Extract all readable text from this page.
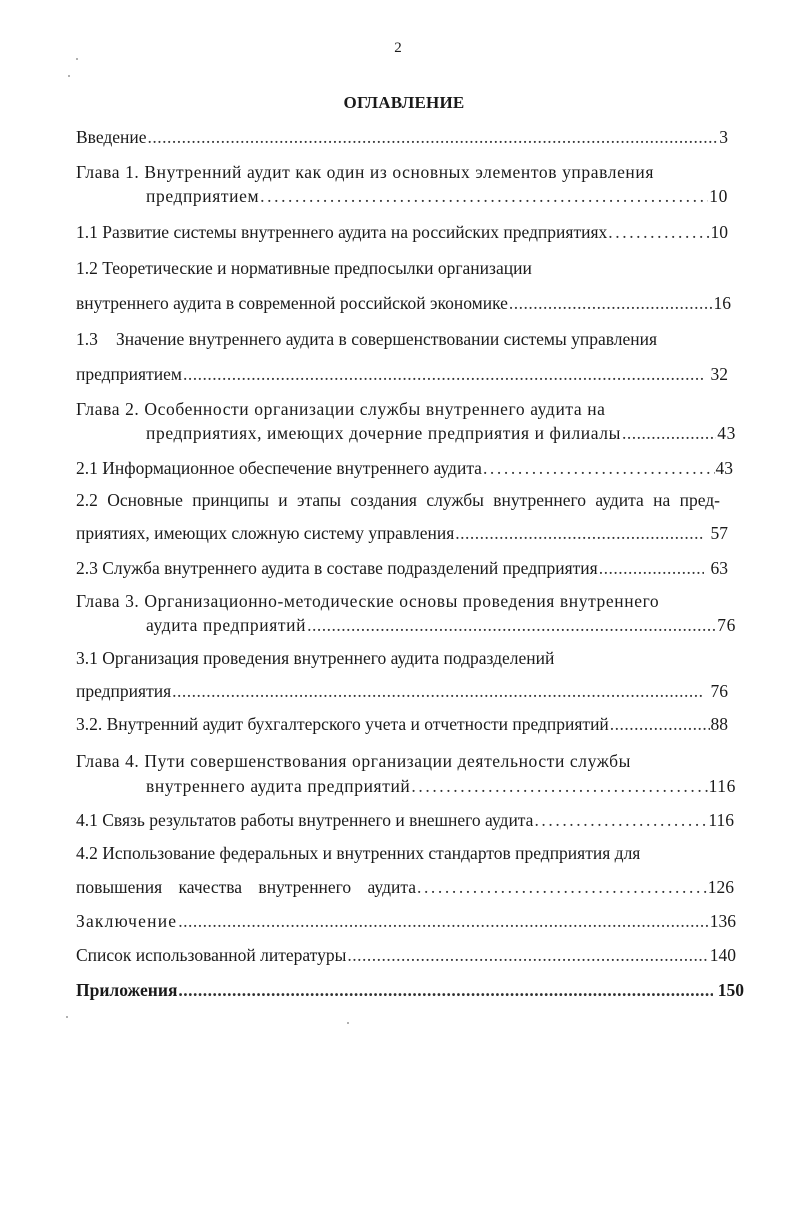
2
ОГЛАВЛЕНИЕ
Введение .....	3
Глава 1. Внутренний аудит как один из основных элементов управления
предприятием .....	10
1.1 Развитие системы внутреннего аудита на российских предприятиях .....	10
1.2 Теоретические и нормативные предпосылки организации
внутреннего аудита в современной российской экономике .....	16
1.3 Значение внутреннего аудита в совершенствовании системы управления
предприятием .....	32
Глава 2. Особенности организации службы внутреннего аудита на
предприятиях, имеющих дочерние предприятия и филиалы .....	43
2.1 Информационное обеспечение внутреннего аудита .....	43
2.2 Основные принципы и этапы создания службы внутреннего аудита на пред-
приятиях, имеющих сложную систему управления .....	57
2.3 Служба внутреннего аудита в составе подразделений предприятия .....	63
Глава 3. Организационно-методические основы проведения внутреннего
аудита предприятий .....	76
3.1 Организация проведения внутреннего аудита подразделений
предприятия .....	76
3.2. Внутренний аудит бухгалтерского учета и отчетности предприятий .....	88
Глава 4. Пути совершенствования организации деятельности службы
внутреннего аудита предприятий .....	116
4.1 Связь результатов работы внутреннего и внешнего аудита .....	116
4.2 Использование федеральных и внутренних стандартов предприятия для
повышения качества внутреннего аудита .....	126
Заключение .....	136
Список использованной литературы .....	140
Приложения .....	150
